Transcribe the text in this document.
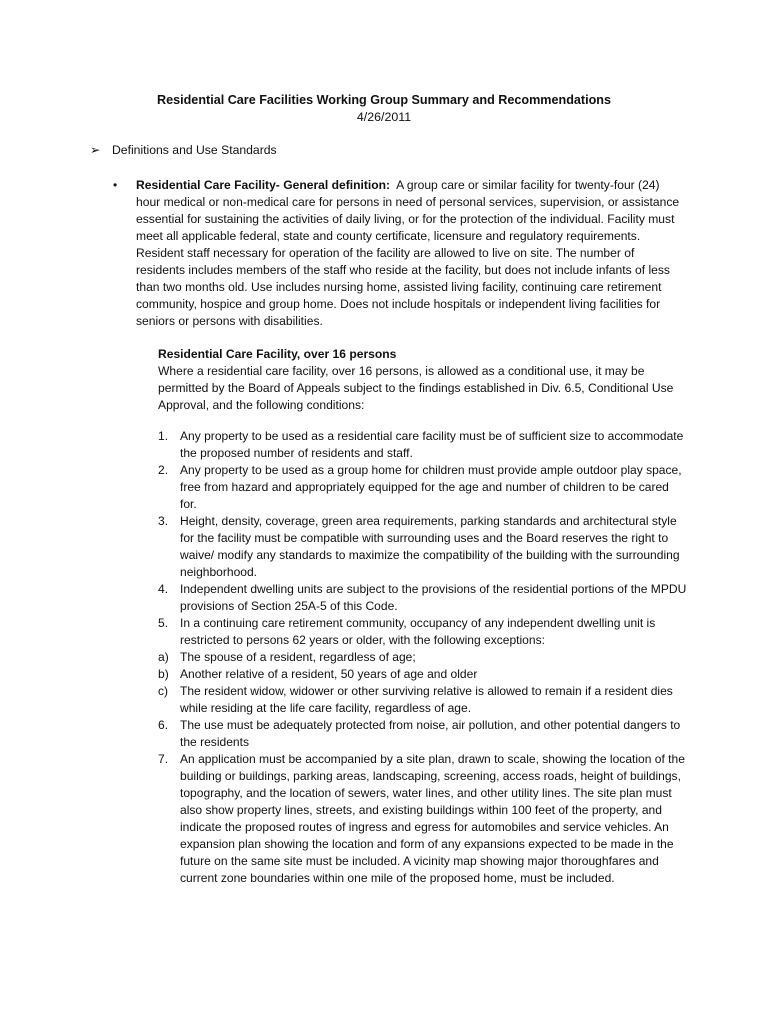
Residential Care Facilities Working Group Summary and Recommendations
4/26/2011
➢ Definitions and Use Standards
• Residential Care Facility- General definition: A group care or similar facility for twenty-four (24) hour medical or non-medical care for persons in need of personal services, supervision, or assistance essential for sustaining the activities of daily living, or for the protection of the individual. Facility must meet all applicable federal, state and county certificate, licensure and regulatory requirements. Resident staff necessary for operation of the facility are allowed to live on site. The number of residents includes members of the staff who reside at the facility, but does not include infants of less than two months old. Use includes nursing home, assisted living facility, continuing care retirement community, hospice and group home. Does not include hospitals or independent living facilities for seniors or persons with disabilities.
Residential Care Facility, over 16 persons
Where a residential care facility, over 16 persons, is allowed as a conditional use, it may be permitted by the Board of Appeals subject to the findings established in Div. 6.5, Conditional Use Approval, and the following conditions:
1. Any property to be used as a residential care facility must be of sufficient size to accommodate the proposed number of residents and staff.
2. Any property to be used as a group home for children must provide ample outdoor play space, free from hazard and appropriately equipped for the age and number of children to be cared for.
3. Height, density, coverage, green area requirements, parking standards and architectural style for the facility must be compatible with surrounding uses and the Board reserves the right to waive/ modify any standards to maximize the compatibility of the building with the surrounding neighborhood.
4. Independent dwelling units are subject to the provisions of the residential portions of the MPDU provisions of Section 25A-5 of this Code.
5. In a continuing care retirement community, occupancy of any independent dwelling unit is restricted to persons 62 years or older, with the following exceptions:
a) The spouse of a resident, regardless of age;
b) Another relative of a resident, 50 years of age and older
c) The resident widow, widower or other surviving relative is allowed to remain if a resident dies while residing at the life care facility, regardless of age.
6. The use must be adequately protected from noise, air pollution, and other potential dangers to the residents
7. An application must be accompanied by a site plan, drawn to scale, showing the location of the building or buildings, parking areas, landscaping, screening, access roads, height of buildings, topography, and the location of sewers, water lines, and other utility lines. The site plan must also show property lines, streets, and existing buildings within 100 feet of the property, and indicate the proposed routes of ingress and egress for automobiles and service vehicles. An expansion plan showing the location and form of any expansions expected to be made in the future on the same site must be included. A vicinity map showing major thoroughfares and current zone boundaries within one mile of the proposed home, must be included.
